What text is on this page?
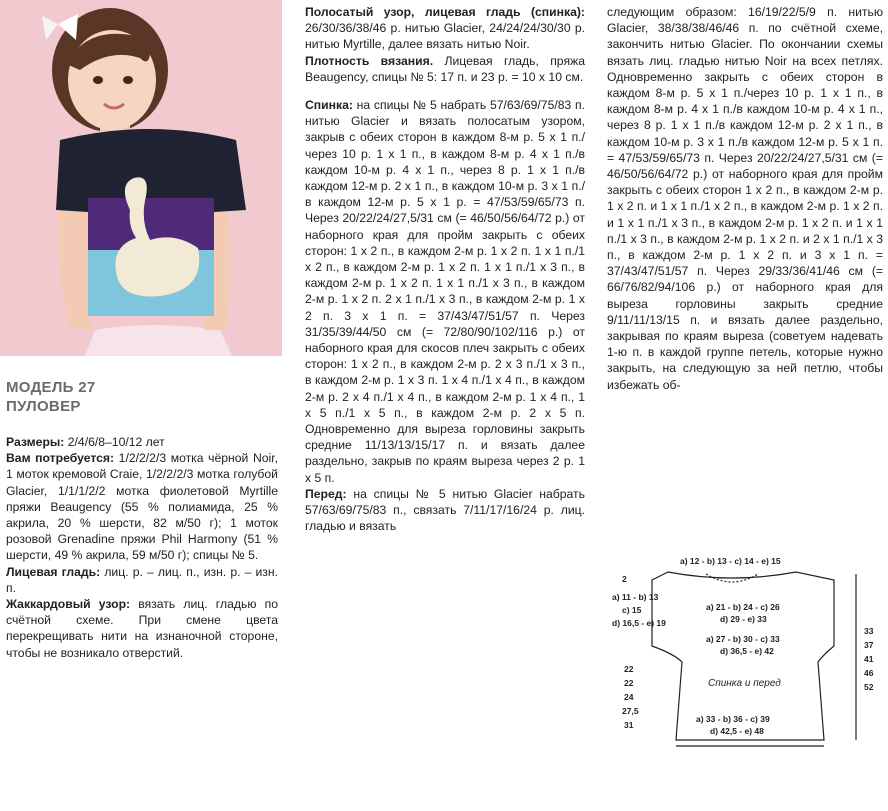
МОДЕЛЬ 27
ПУЛОВЕР

Размеры: 2/4/6/8–10/12 лет

Вам потребуется: 1/2/2/2/3 мотка чёрной Noir, 1 моток кремовой Craie, 1/2/2/2/3 мотка голубой Glacier, 1/1/1/2/2 мотка фиолетовой Myrtille пряжи Beaugency (55 % полиамида, 25 % акрила, 20 % шерсти, 82 м/50 г); 1 моток розовой Grenadine пряжи Phil Harmony (51 % шерсти, 49 % акрила, 59 м/50 г); спицы № 5.

Лицевая гладь: лиц. р. – лиц. п., изн. р. – изн. п.

Жаккардовый узор: вязать лиц. гладью по счётной схеме. При смене цвета перекрещивать нити на изнаночной стороне, чтобы не возникало отверстий.

Полосатый узор, лицевая гладь (спинка): 26/30/36/38/46 р. нитью Glacier, 24/24/24/30/30 р. нитью Myrtille, далее вязать нитью Noir.

Плотность вязания. Лицевая гладь, пряжа Beaugency, спицы № 5: 17 п. и 23 р. = 10 х 10 см.

Спинка: на спицы № 5 набрать 57/63/69/75/83 п. нитью Glacier и вязать полосатым узором, закрыв с обеих сторон в каждом 8-м р. 5 х 1 п./ через 10 р. 1 х 1 п., в каждом 8-м р. 4 х 1 п./в каждом 10-м р. 4 х 1 п., через 8 р. 1 х 1 п./в каждом 12-м р. 2 х 1 п., в каждом 10-м р. 3 х 1 п./в каждом 12-м р. 5 х 1 р. = 47/53/59/65/73 п. Через 20/22/24/27,5/31 см (= 46/50/56/64/72 р.) от наборного края для пройм закрыть с обеих сторон: 1 х 2 п., в каждом 2-м р. 1 х 2 п. 1 х 1 п./1 х 2 п., в каждом 2-м р. 1 х 2 п. 1 х 1 п./1 х 3 п., в каждом 2-м р. 1 х 2 п. 1 х 1 п./1 х 3 п., в каждом 2-м р. 1 х 2 п. 2 х 1 п./1 х 3 п., в каждом 2-м р. 1 х 2 п. 3 х 1 п. = 37/43/47/51/57 п. Через 31/35/39/44/50 см (= 72/80/90/102/116 р.) от наборного края для скосов плеч закрыть с обеих сторон: 1 х 2 п., в каждом 2-м р. 2 х 3 п./1 х 3 п., в каждом 2-м р. 1 х 3 п. 1 х 4 п./1 х 4 п., в каждом 2-м р. 2 х 4 п./1 х 4 п., в каждом 2-м р. 1 х 4 п., 1 х 5 п./1 х 5 п., в каждом 2-м р. 2 х 5 п. Одновременно для выреза горловины закрыть средние 11/13/13/15/17 п. и вязать далее раздельно, закрыв по краям выреза через 2 р. 1 х 5 п.

Перед: на спицы № 5 нитью Glacier набрать 57/63/69/75/83 п., связать 7/11/17/16/24 р. лиц. гладью и вязать

следующим образом: 16/19/22/5/9 п. нитью Glacier, 38/38/38/46/46 п. по счётной схеме, закончить нитью Glacier. По окончании схемы вязать лиц. гладью нитью Noir на всех петлях. Одновременно закрыть с обеих сторон в каждом 8-м р. 5 х 1 п./через 10 р. 1 х 1 п., в каждом 8-м р. 4 х 1 п./в каждом 10-м р. 4 х 1 п., через 8 р. 1 х 1 п./в каждом 12-м р. 2 х 1 п., в каждом 10-м р. 3 х 1 п./в каждом 12-м р. 5 х 1 п. = 47/53/59/65/73 п. Через 20/22/24/27,5/31 см (= 46/50/56/64/72 р.) от наборного края для пройм закрыть с обеих сторон 1 х 2 п., в каждом 2-м р. 1 х 2 п. и 1 х 1 п./1 х 2 п., в каждом 2-м р. 1 х 2 п. и 1 х 1 п./1 х 3 п., в каждом 2-м р. 1 х 2 п. и 1 х 1 п./1 х 3 п., в каждом 2-м р. 1 х 2 п. и 2 х 1 п./1 х 3 п., в каждом 2-м р. 1 х 2 п. и 3 х 1 п. = 37/43/47/51/57 п. Через 29/33/36/41/46 см (= 66/76/82/94/106 р.) от наборного края для выреза горловины закрыть средние 9/11/11/13/15 п. и вязать далее раздельно, закрывая по краям выреза (советуем надевать 1-ю п. в каждой группе петель, которые нужно закрыть, на следующую за ней петлю, чтобы избежать об-

a) 12 - b) 13 - c) 14 - e) 15
2
a) 11 - b) 13
c) 15
d) 16,5 - e) 19
a) 21 - b) 24 - c) 26
d) 29 - e) 33
a) 27 - b) 30 - c) 33
d) 36,5 - e) 42
33
37
41
46
52
22
22
24
27,5
31
a) 33 - b) 36 - c) 39
d) 42,5 - e) 48
Спинка и перед
